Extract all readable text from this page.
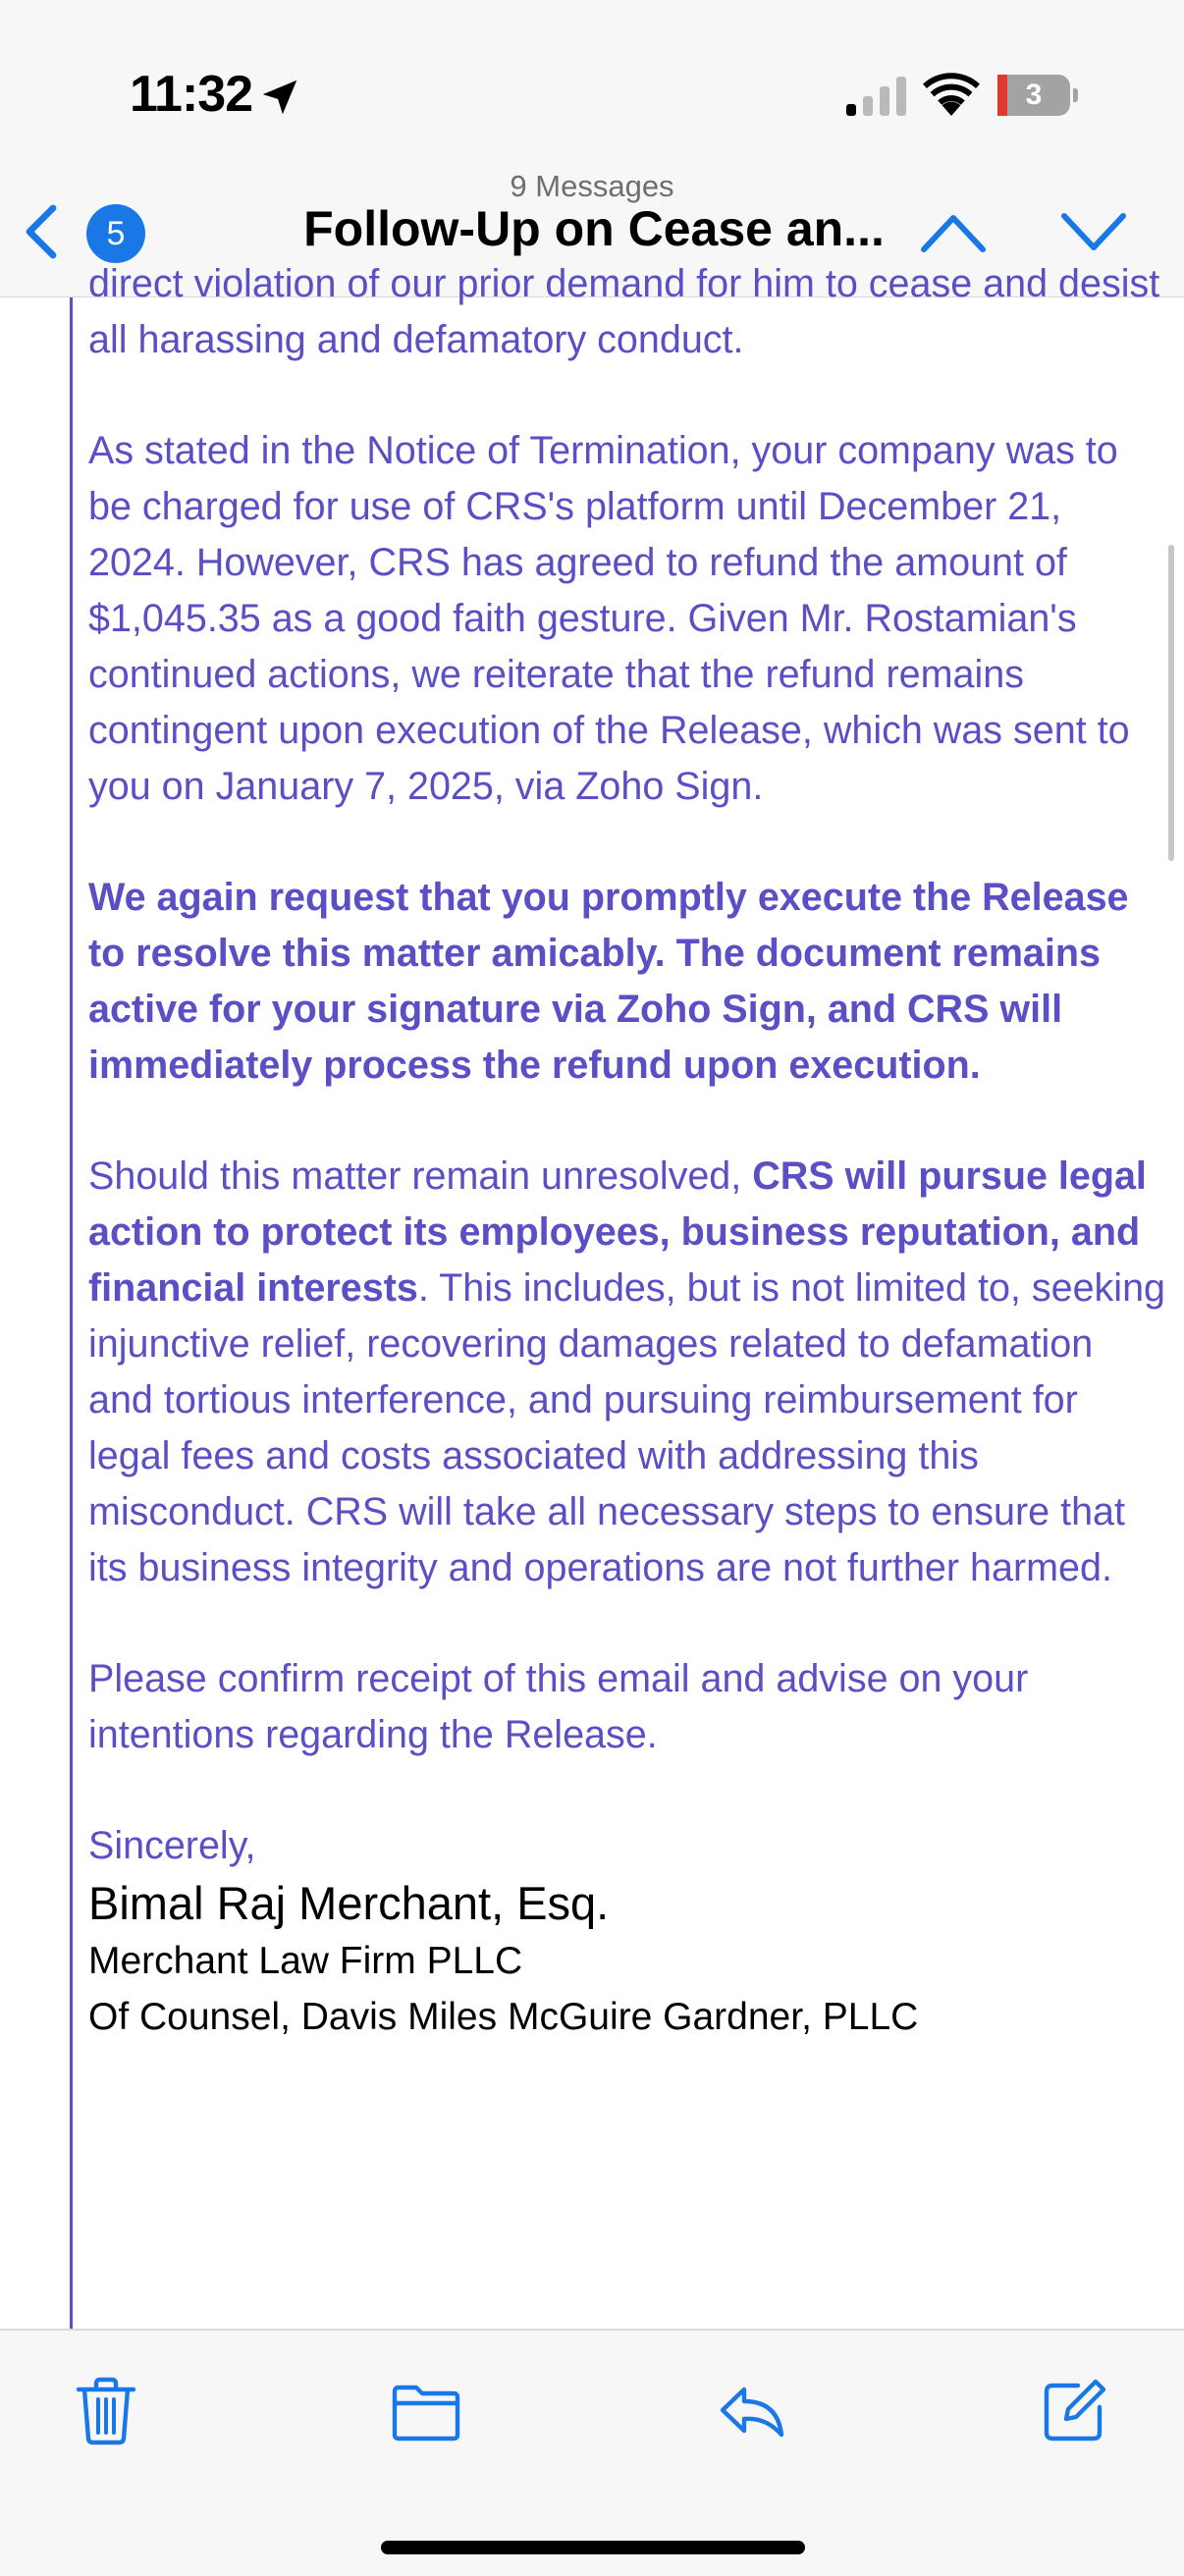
11:32	3
9 Messages
5	Follow-Up on Cease an...

direct violation of our prior demand for him to cease and desist all harassing and defamatory conduct.

As stated in the Notice of Termination, your company was to be charged for use of CRS's platform until December 21, 2024. However, CRS has agreed to refund the amount of $1,045.35 as a good faith gesture. Given Mr. Rostamian's continued actions, we reiterate that the refund remains contingent upon execution of the Release, which was sent to you on January 7, 2025, via Zoho Sign.

We again request that you promptly execute the Release to resolve this matter amicably. The document remains active for your signature via Zoho Sign, and CRS will immediately process the refund upon execution.

Should this matter remain unresolved, CRS will pursue legal action to protect its employees, business reputation, and financial interests. This includes, but is not limited to, seeking injunctive relief, recovering damages related to defamation and tortious interference, and pursuing reimbursement for legal fees and costs associated with addressing this misconduct. CRS will take all necessary steps to ensure that its business integrity and operations are not further harmed.

Please confirm receipt of this email and advise on your intentions regarding the Release.

Sincerely,
Bimal Raj Merchant, Esq.
Merchant Law Firm PLLC
Of Counsel, Davis Miles McGuire Gardner, PLLC
